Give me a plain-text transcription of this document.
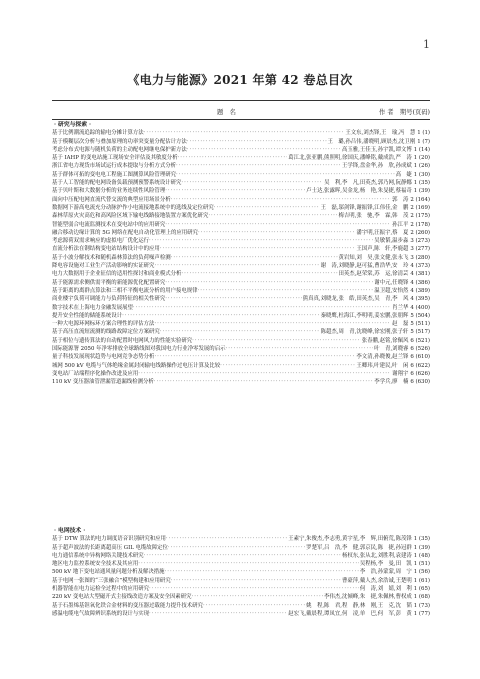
1
《电力与能源》2021 年第 42 卷总目次
题　名	作 者　期号(页码)
· 研究与探索 ·
基于比例潮流追踪的输电分摊计算方法 ·····	王文东,刘杰锋,王　瑜,冯　慧 1 (1)
基于模糊层次分析与叠加原理的功率突变量分配估计方法 ·····	王　璐,孙吕伟,潘晓明,顾晨杰,沈卫刚 1 (7)
考虑分布式电源与随机负荷的主动配电网继电保护新方法 ·····	高玉雅,王佳玉,孙宇凯,谭文博 1 (14)
基于 IAHP 的变电站施工现场安全评估及其敏度分析 ·····	葛江北,张亚鹏,熊照明,徐国庆,潘峰铭,戴成浩,严　涛 1 (20)
浙江省电力现货市场试运行成本提取与分析方式分析 ·····	王学锋,盘金华,孙　欣,孙成斌 1 (26)
基于群体可拓的变电电工程施工图测算风险管理研究 ·····	高　婕 1 (30)
基于人工智能的配电网设备负载预测预警系统设计研究 ·····	吴　利,李　凡,田英杰,郭乃网,阮静娜 1 (35)
基于贝叶斯和大数据分析的业务连续性风险管理 ·····	卢士达,张露晖,吴金龙,杨　艳,朱旻捷,蔡福奇 1 (39)
面向中压配电网直流代替交流的典型应用场景分析 ·····	郭　涛 2 (164)
数据网下游高电流充分动脉护作小电流接地系统中的选线及定位研究 ·····	王　磊,邬剑锋,谢振锋,江伟佳,金　鹏 2 (169)
森林草原火灾高危和高风险区域下输电线路接地装置方案优化研究 ·····	梅吉明,张　驰,李　霖,韩　茂 2 (175)
智能型弱合电流监测技术在变电站中的应用研究 ·····	孙江平 2 (178)
融合移动边缘计算的 5G 网络在配电自动化管理上的应用研究 ·····	潘宇明,汪振宇,蔡　夏 2 (260)
考虑源荷双需求响应的虚拟电厂优化运行 ·····	吴敏韬,温步淼 3 (273)
直流分析法在钢结构变电站结构设计中的应用 ·····	王国声,陈　轩,李鹿超 3 (277)
基于小波分解技术和随机森林算法的负荷噪声检测 ·····	黄岩知,刘　昊,张文健,张永飞 3 (280)
降电容设施对工业生产活动影响的实证研究 ·····	谢　涛,刘晓静,赵可猛,曹浩华,安　玲 4 (373)
电力大数据用于企业征信的适用性探讨和商业模式分析 ·····	田英杰,赵荣棠,苏　运,徐清芸 4 (381)
基于能源需求侧供需平衡的新能源优化配置研究 ·····	谢中元,任晓锋 4 (386)
基于距离的离群点算法和三相不平衡电流分析的用户接电规律 ·····	温卫超,安怡然 4 (389)
商业楼宇负荷可调能力与负荷特征的相关性研究 ·····	熊真真,刘晓龙,张　皓,田英杰,吴　青,李　风 4 (395)
数字技术在上海电力金融发展展望 ·····	肖兰华 4 (400)
提升安全性能的储能系统设计 ·····	秦晓鹰,杜海江,李明明,姜宏鹏,张朋辉 5 (504)
一种大电源环网标环方案合理性的评估方法 ·····	赵　磊 5 (511)
基于高压直流短流测的线路故障定位方案研究 ·····	陈超杰,周　青,沈晓峰,徐宏刚,张子轩 5 (517)
基于相位与遗传算法的自动配置时电网风力的性能实验研究 ·····	张春鹏,赵铭,徐佩风 6 (521)
国际能源署 2050 年净零排放全球路线图对我国电力行业净零发展的启示 ·····	叶　青,刘晓睿 6 (526)
量子科技发展现状趋势与电网竞争态势分析 ·····	李文清,孙晓俊,赵兰锋 6 (610)
城网 500 kV 电缆与气体绝缘金属封闭输电线路操作过电压计算及比较 ·····	王卿玮,叶建民,叶　闲 6 (622)
变电站厂站端程序化操作改进及应用 ·····	谢翔宇 6 (626)
110 kV 变压器油管泄漏管道漏线检测分析 ·····	李学兵,廖　楠 6 (630)
· 电网技术 ·
基于 DTW 算法的电力调度语音识别研究和应用 ·····	王素宁,朱俊杰,李志勇,黄宇星,李　辉,田俯荒,陈茂锋 1 (35)
基于超声波法的长距离超高压 GIL 电缆故障定位 ·····	罗楚军,吕　浩,李　健,郭京民,陈　捷,孙冠群 1 (39)
电力通信系统中异构网络关键技术研究 ·····	杨权东,张从北,刘胜利,袁建涛 1 (48)
地区电力监控系统安全技术及其应用 ·····	吴程杨,李　曼,田　凯 1 (51)
500 kV 地下变电站通风量问题分析及解决措施 ·····	李　浩,孙蒙蒙,周　宁 1 (56)
基于电网一张图的“三张融合”模型构建和应用研究 ·····	曹豪萍,戴人杰,余浩诚,王楚明 1 (61)
机器智能在电力运检全过程中的应用研究 ·····	何　涛,刘　婧,刘　利 1 (65)
220 kV 变电站大型磁开式主接线改造方案及安全因素研究 ·····	李伟杰,沈倾峰,朱　捷,朱佩林,曹权成 1 (68)
基于石墨烯基钽氧化铁合金材料的变压器过载能力提升技术研究 ·····	姚　程,陈　君,程　静,林　刚,王　克,沈　韬 1 (73)
感温电缆电气故障辨识系统的设计与实现 ·····	赵宏飞,戴晨程,谭凤宜,何　凌,单　巴,何　军,彭　黄 1 (77)
